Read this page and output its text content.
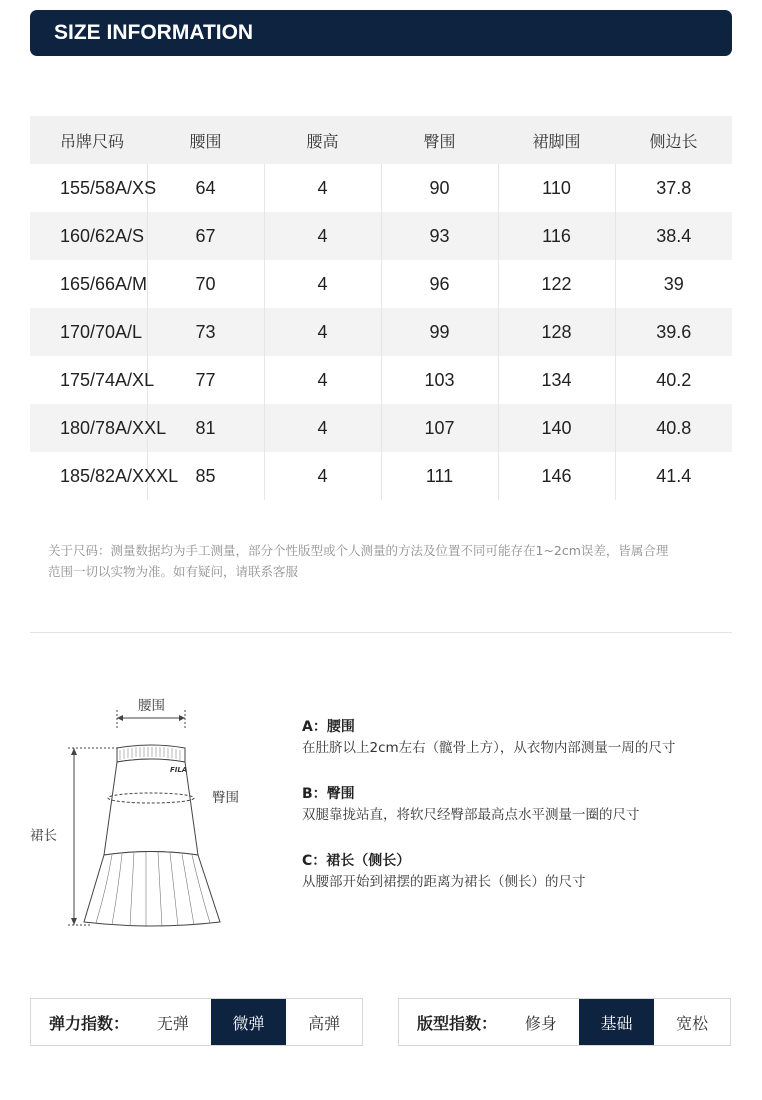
SIZE INFORMATION
吊牌尺码	腰围	腰高	臀围	裙脚围	侧边长
155/58A/XS	64	4	90	110	37.8
160/62A/S	67	4	93	116	38.4
165/66A/M	70	4	96	122	39
170/70A/L	73	4	99	128	39.6
175/74A/XL	77	4	103	134	40.2
180/78A/XXL	81	4	107	140	40.8
185/82A/XXXL	85	4	111	146	41.4
关于尺码：测量数据均为手工测量，部分个性版型或个人测量的方法及位置不同可能存在1~2cm误差，皆属合理
范围一切以实物为准。如有疑问，请联系客服
腰围
臀围
裙长
FILA
A：腰围
在肚脐以上2cm左右（髋骨上方），从衣物内部测量一周的尺寸
B：臀围
双腿靠拢站直，将软尺经臀部最高点水平测量一圈的尺寸
C：裙长（侧长）
从腰部开始到裙摆的距离为裙长（侧长）的尺寸
弹力指数：	无弹	微弹	高弹	版型指数：	修身	基础	宽松
